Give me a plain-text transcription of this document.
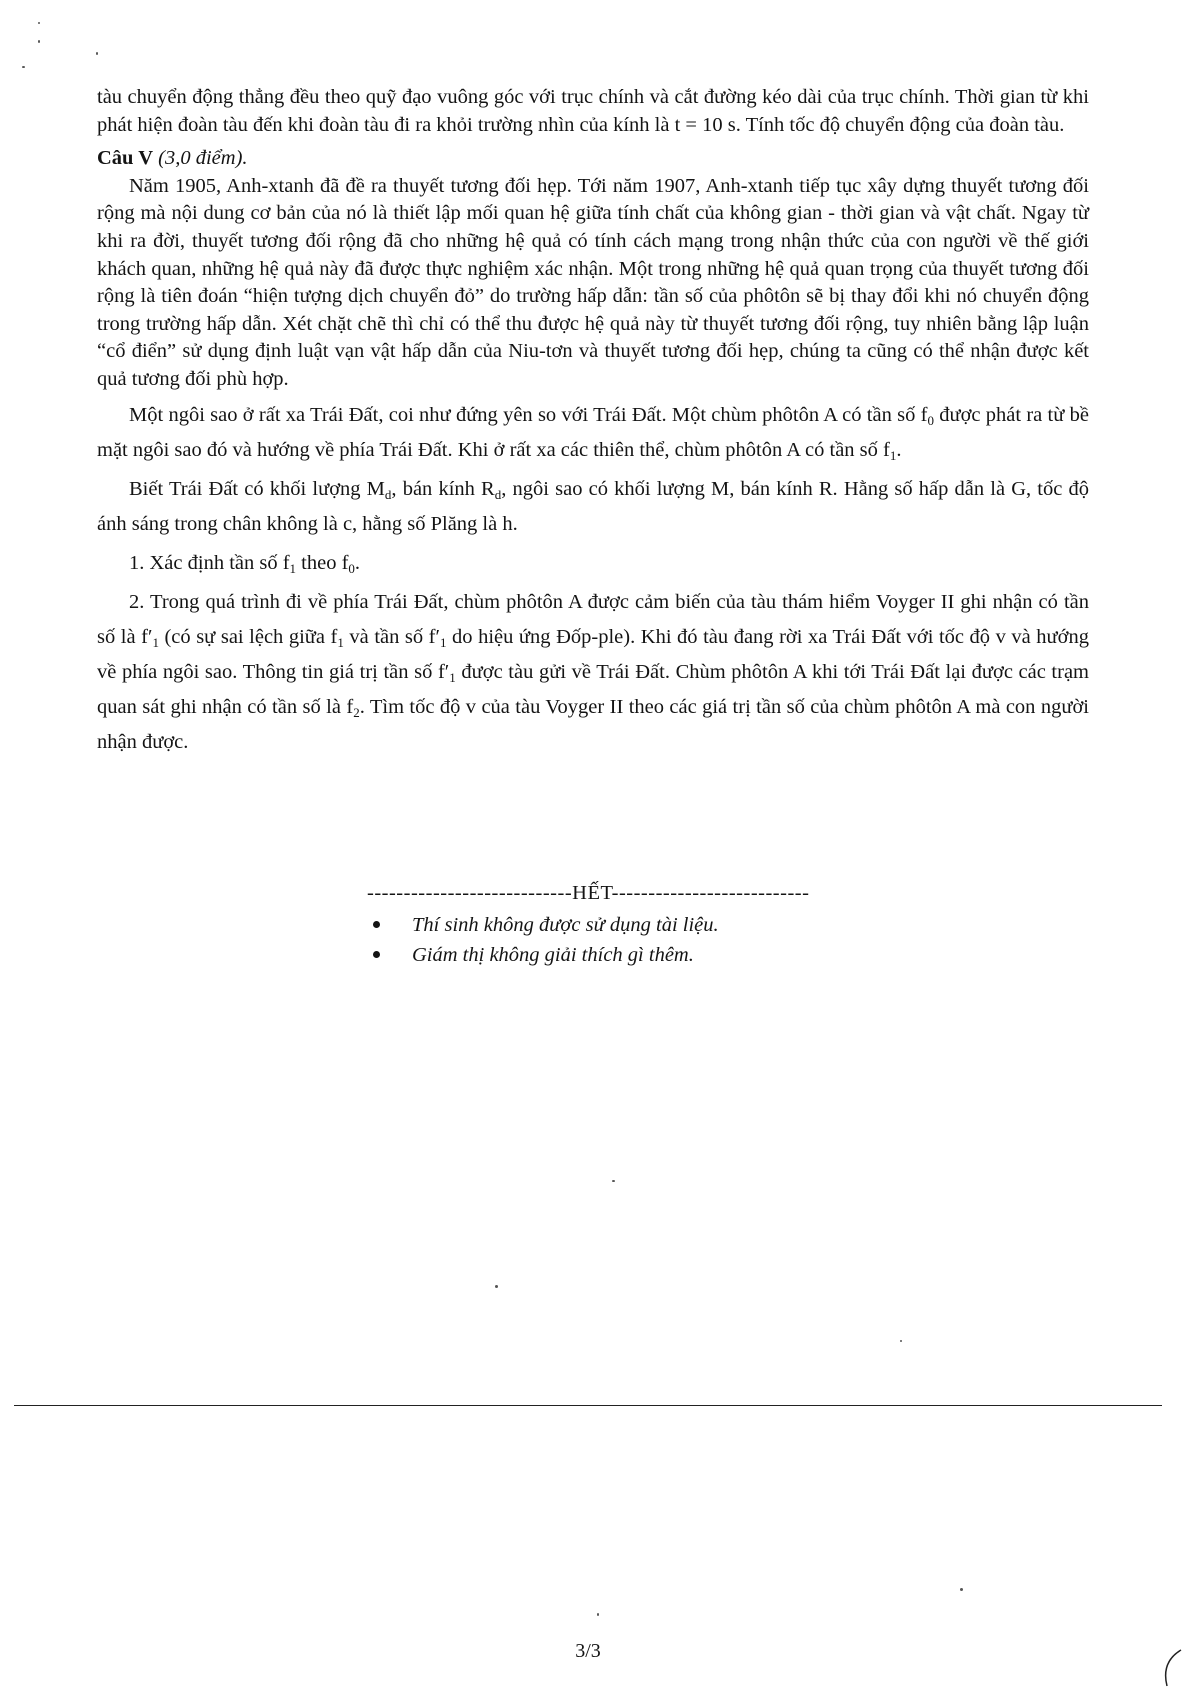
tàu chuyển động thẳng đều theo quỹ đạo vuông góc với trục chính và cắt đường kéo dài của trục chính. Thời gian từ khi phát hiện đoàn tàu đến khi đoàn tàu đi ra khỏi trường nhìn của kính là t = 10 s. Tính tốc độ chuyển động của đoàn tàu.

Câu V (3,0 điểm).

Năm 1905, Anh-xtanh đã đề ra thuyết tương đối hẹp. Tới năm 1907, Anh-xtanh tiếp tục xây dựng thuyết tương đối rộng mà nội dung cơ bản của nó là thiết lập mối quan hệ giữa tính chất của không gian - thời gian và vật chất. Ngay từ khi ra đời, thuyết tương đối rộng đã cho những hệ quả có tính cách mạng trong nhận thức của con người về thế giới khách quan, những hệ quả này đã được thực nghiệm xác nhận. Một trong những hệ quả quan trọng của thuyết tương đối rộng là tiên đoán “hiện tượng dịch chuyển đỏ” do trường hấp dẫn: tần số của phôtôn sẽ bị thay đổi khi nó chuyển động trong trường hấp dẫn. Xét chặt chẽ thì chỉ có thể thu được hệ quả này từ thuyết tương đối rộng, tuy nhiên bằng lập luận “cổ điển” sử dụng định luật vạn vật hấp dẫn của Niu-tơn và thuyết tương đối hẹp, chúng ta cũng có thể nhận được kết quả tương đối phù hợp.

Một ngôi sao ở rất xa Trái Đất, coi như đứng yên so với Trái Đất. Một chùm phôtôn A có tần số $f_0$ được phát ra từ bề mặt ngôi sao đó và hướng về phía Trái Đất. Khi ở rất xa các thiên thể, chùm phôtôn A có tần số $f_1$.

Biết Trái Đất có khối lượng $M_d$, bán kính $R_d$, ngôi sao có khối lượng M, bán kính R. Hằng số hấp dẫn là G, tốc độ ánh sáng trong chân không là c, hằng số Plăng là h.

1. Xác định tần số $f_1$ theo $f_0$.

2. Trong quá trình đi về phía Trái Đất, chùm phôtôn A được cảm biến của tàu thám hiểm Voyger II ghi nhận có tần số là $f'_1$ (có sự sai lệch giữa $f_1$ và tần số $f'_1$ do hiệu ứng Đốp-ple). Khi đó tàu đang rời xa Trái Đất với tốc độ v và hướng về phía ngôi sao. Thông tin giá trị tần số $f'_1$ được tàu gửi về Trái Đất. Chùm phôtôn A khi tới Trái Đất lại được các trạm quan sát ghi nhận có tần số là $f_2$. Tìm tốc độ v của tàu Voyger II theo các giá trị tần số của chùm phôtôn A mà con người nhận được.

----------------------------HẾT---------------------------
Thí sinh không được sử dụng tài liệu.
Giám thị không giải thích gì thêm.
3/3
